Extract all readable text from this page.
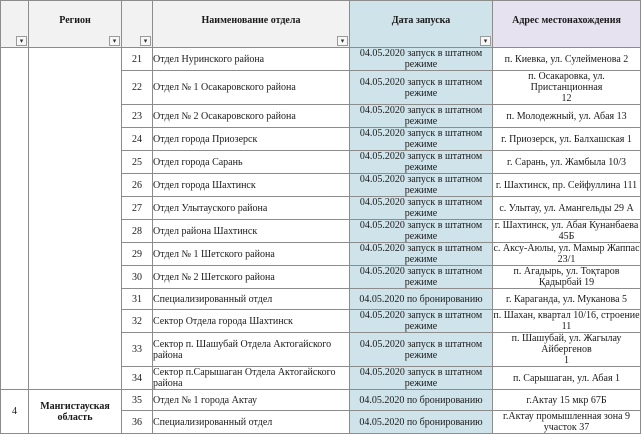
▾	Регион
▾	▾	Наименование отдела
▾	Дата запуска
▾	Адрес местонахождения

		21	Отдел Нуринского района	04.05.2020 запуск в штатном
режиме	п. Киевка, ул. Сулейменова 2

		22	Отдел № 1 Осакаровского района	04.05.2020 запуск в штатном
режиме	п. Осакаровка, ул. Пристанционная
12

		23	Отдел № 2 Осакаровского района	04.05.2020 запуск в штатном
режиме	п. Молодежный, ул. Абая 13

		24	Отдел города Приозерск	04.05.2020 запуск в штатном
режиме	г. Приозерск, ул. Балхашская 1

		25	Отдел города Сарань	04.05.2020 запуск в штатном
режиме	г. Сарань, ул. Жамбыла 10/3

		26	Отдел города Шахтинск	04.05.2020 запуск в штатном
режиме	г. Шахтинск, пр. Сейфуллина 111

		27	Отдел Улытауского района	04.05.2020 запуск в штатном
режиме	с. Улытау, ул. Амангельды 29 А

		28	Отдел района Шахтинск	04.05.2020 запуск в штатном
режиме	г. Шахтинск, ул. Абая Кунанбаева
45Б

		29	Отдел № 1 Шетского района	04.05.2020 запуск в штатном
режиме	с. Аксу-Аюлы, ул. Мамыр Жаппас
23/1

		30	Отдел № 2 Шетского района	04.05.2020 запуск в штатном
режиме	п. Агадырь, ул. Тоқтаров Қадырбай 19

		31	Специализированный отдел	04.05.2020 по бронированию	г. Караганда, ул. Муканова 5

		32	Сектор Отдела города Шахтинск	04.05.2020 запуск в штатном
режиме	п. Шахан, квартал 10/16, строение 11

		33	Сектор п. Шашубай Отдела Актогайского
района	04.05.2020 запуск в штатном
режиме	п. Шашубай, ул. Жагылау Айбергенов
1

		34	Сектор п.Сарышаган Отдела Актогайского
района	04.05.2020 запуск в штатном
режиме	п. Сарышаган, ул. Абая 1

4	Мангистауская
область	35	Отдел № 1 города Актау	04.05.2020 по бронированию	г.Актау 15 мкр 67Б

		36	Специализированный отдел	04.05.2020 по бронированию	г.Актау промышленная зона 9
участок 37
